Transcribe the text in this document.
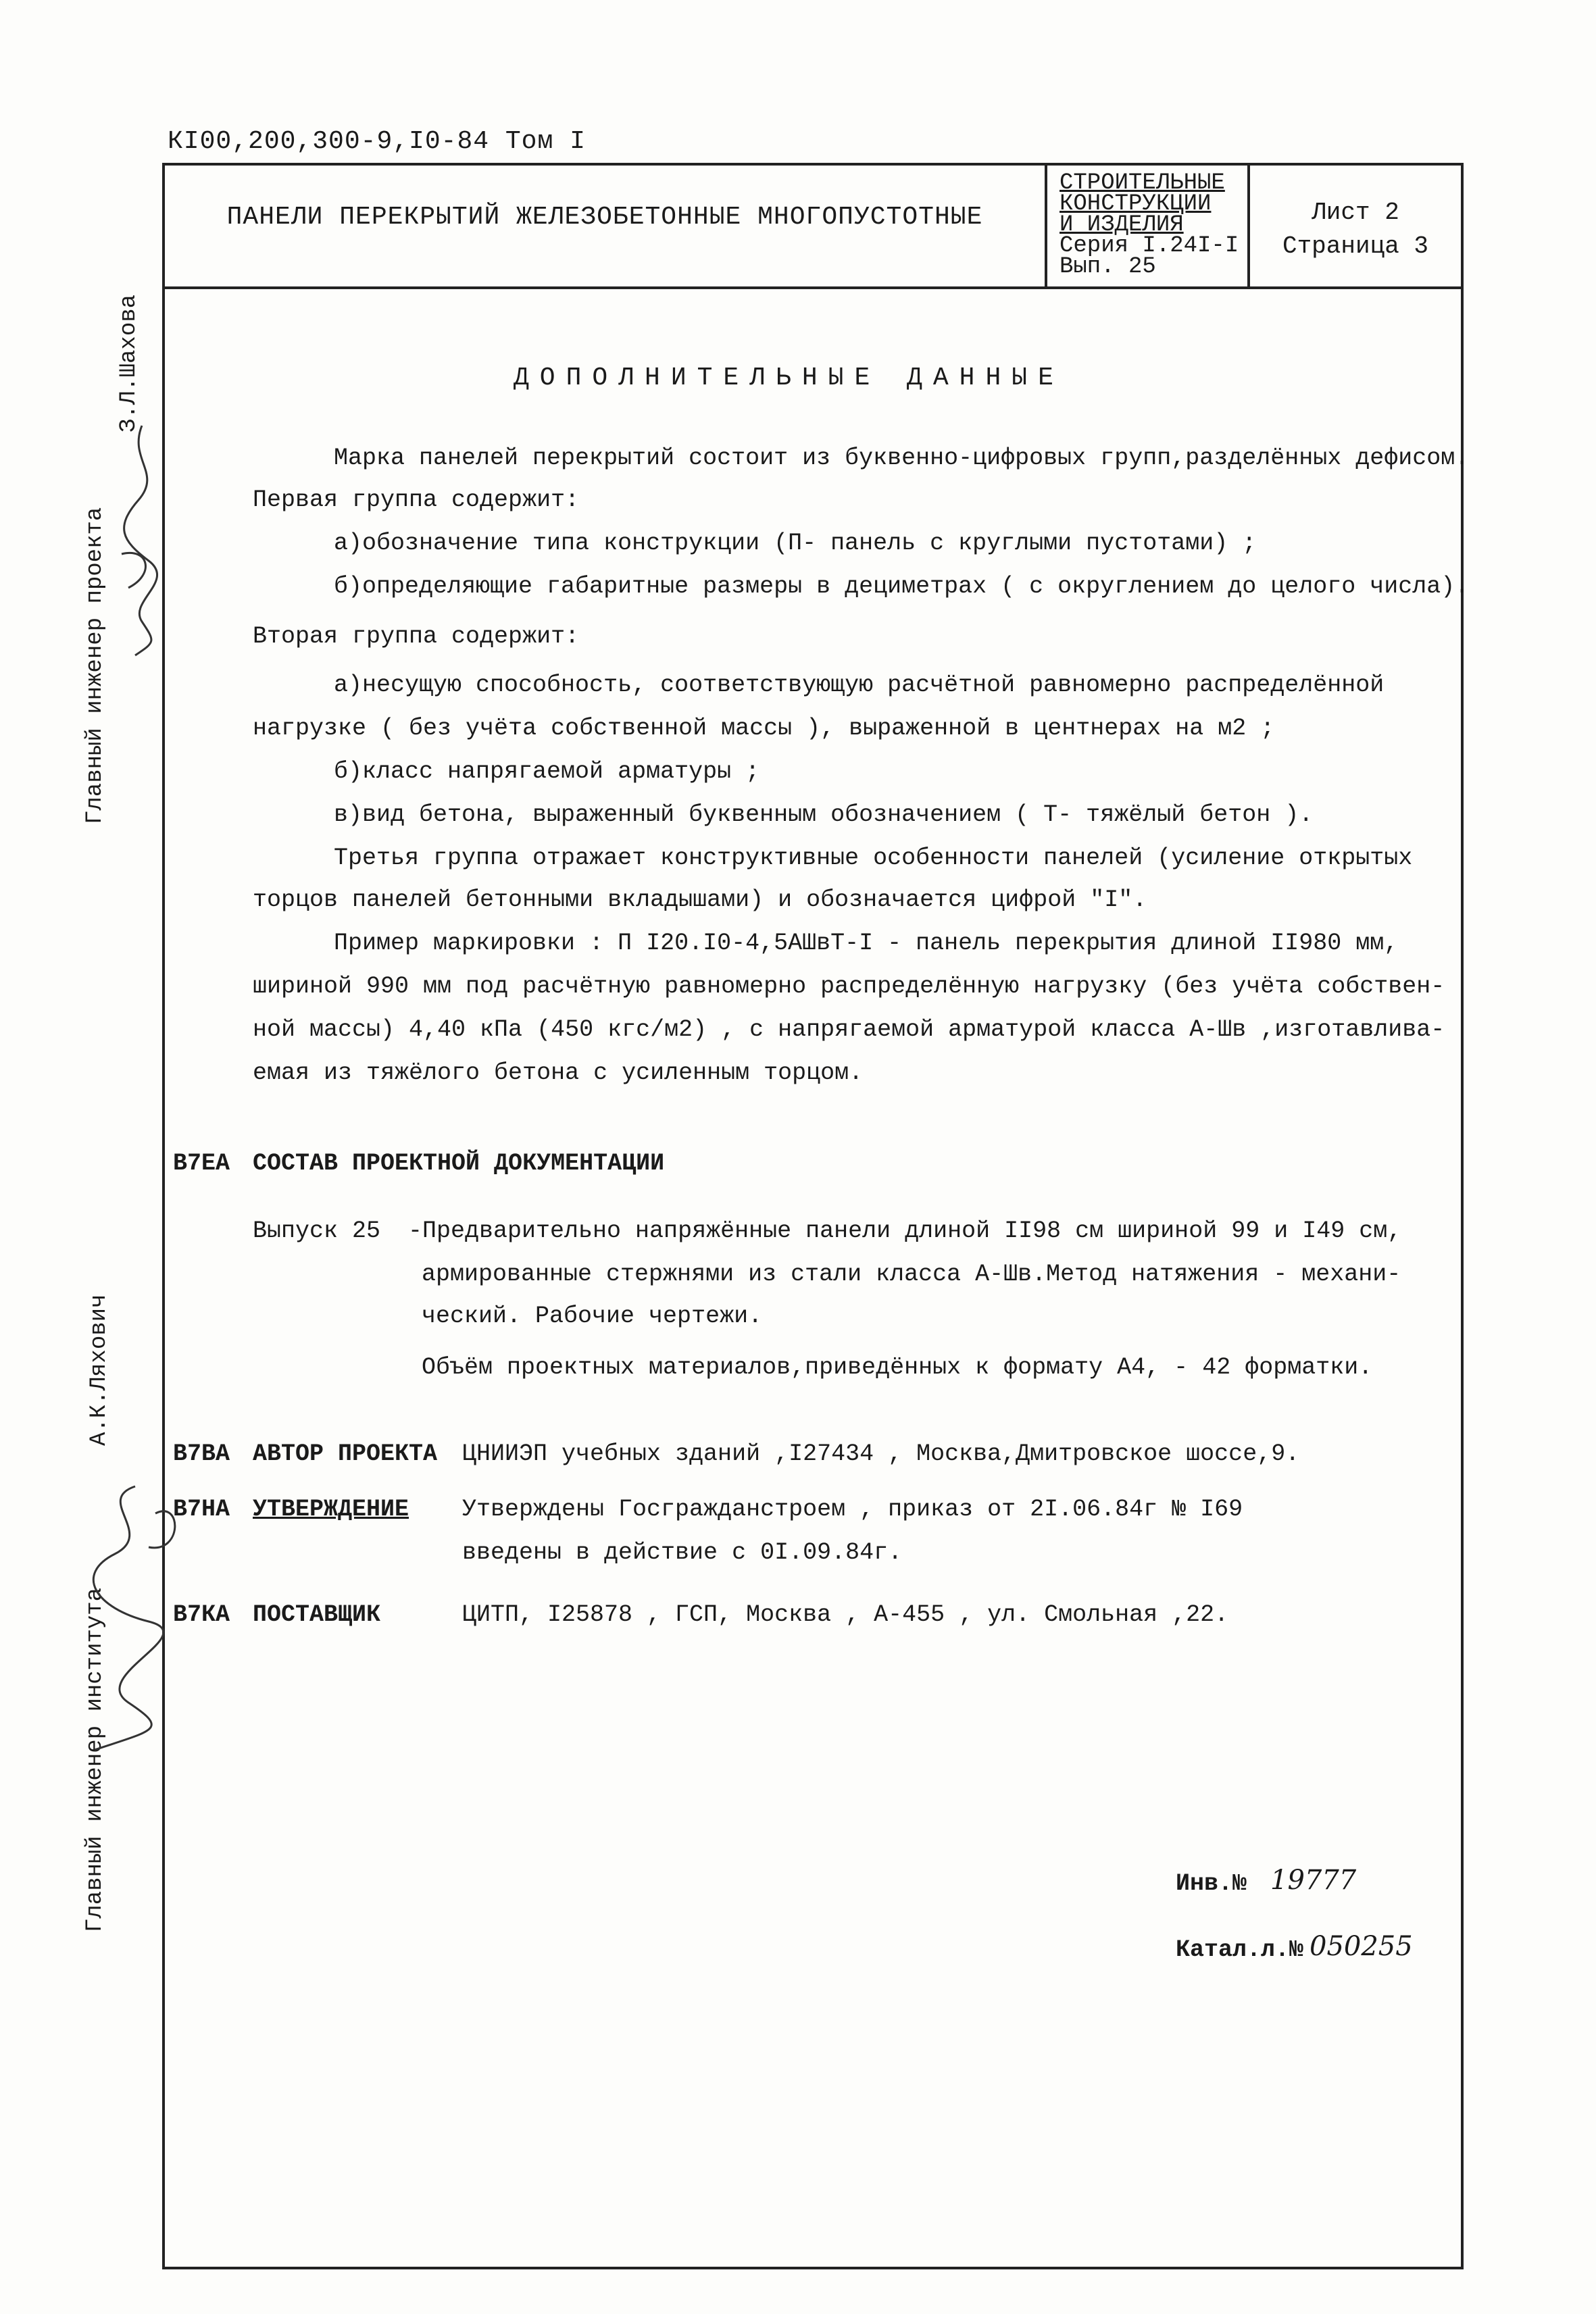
КI00,200,300-9,I0-84 Том I
ПАНЕЛИ ПЕРЕКРЫТИЙ ЖЕЛЕЗОБЕТОННЫЕ МНОГОПУСТОТНЫЕ
СТРОИТЕЛЬНЫЕ
КОНСТРУКЦИИ
И ИЗДЕЛИЯ
Серия I.24I-I
Вып. 25
Лист 2
Страница 3
Главный инженер проекта
З.Л.Шахова
Главный инженер института
А.К.Ляхович
ДОПОЛНИТЕЛЬНЫЕ ДАННЫЕ
Марка панелей перекрытий состоит из буквенно-цифровых групп,разделённых дефисом.
Первая группа содержит:
а)обозначение типа конструкции (П- панель с круглыми пустотами) ;
б)определяющие габаритные размеры в дециметрах ( с округлением до целого числа).
Вторая группа содержит:
а)несущую способность, соответствующую расчётной равномерно распределённой
нагрузке ( без учёта собственной массы ), выраженной в центнерах на м2 ;
б)класс напрягаемой арматуры ;
в)вид бетона, выраженный буквенным обозначением ( Т- тяжёлый бетон ).
Третья группа отражает конструктивные особенности панелей (усиление открытых
торцов панелей бетонными вкладышами) и обозначается цифрой "I".
Пример маркировки : П I20.I0-4,5АШвТ-I - панель перекрытия длиной II980 мм,
шириной 990 мм под расчётную равномерно распределённую нагрузку (без учёта собствен-
ной массы) 4,40 кПа (450 кгс/м2) , с напрягаемой арматурой класса А-Шв ,изготавлива-
емая из тяжёлого бетона с усиленным торцом.
В7ЕА СОСТАВ ПРОЕКТНОЙ ДОКУМЕНТАЦИИ
Выпуск 25 -Предварительно напряжённые панели длиной II98 см шириной 99 и I49 см,
армированные стержнями из стали класса А-Шв.Метод натяжения - механи-
ческий. Рабочие чертежи.
Объём проектных материалов,приведённых к формату А4, - 42 форматки.
В7ВА АВТОР ПРОЕКТА ЦНИИЭП учебных зданий ,I27434 , Москва,Дмитровское шоссе,9.
В7НА УТВЕРЖДЕНИЕ Утверждены Госгражданстроем , приказ от 2I.06.84г № I69
введены в действие с 0I.09.84г.
В7КА ПОСТАВЩИК	ЦИТП, I25878 , ГСП, Москва , А-455 , ул. Смольная ,22.
Инв.№ 19777
Катал.л.№ 050255
